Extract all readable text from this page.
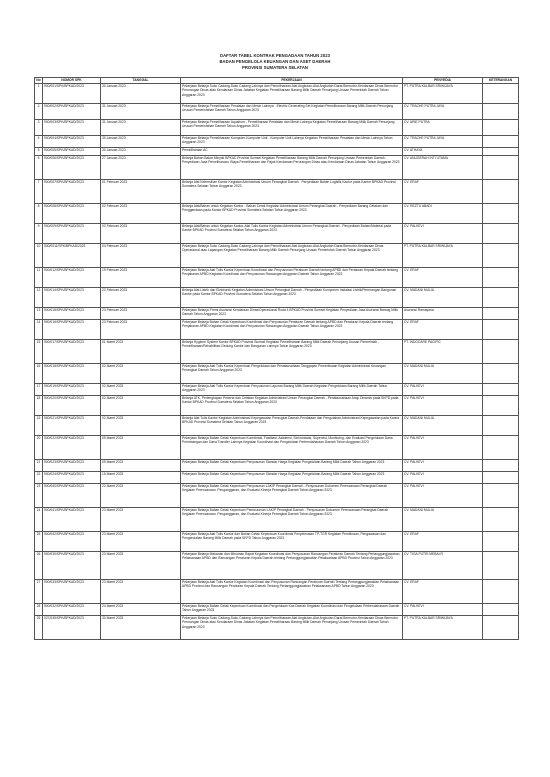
DAFTAR TABEL KONTRAK PENGADAAN TAHUN 2023
BADAN PENGELOLA KEUANGAN DAN ASET DAERAH
PROVINSI SUMATERA SELATAN
No	NOMOR SPK	TANGGAL	PEKERJAAN	PENYEDIA	KETERANGAN
1	900/001/SPK/BPKAD/2023	30 Januari 2023	Pekerjaan Belanja Suku Cadang-Suku Cadang Lainnya dan Pemeliharaan Alat Angkutan-Alat Angkutan Darat Bermotor-Kendaraan Dinas Bermotor Perorangan Dinas atau Kendaraan Dinas Jabatan Kegiatan Pemeliharaan Barang Milik Daerah Penunjang Urusan Pemerintah Daerah Tahun Anggaran 2023	PT. PUTRA KALBAR SRIWIJAYA	
2	900/002/SPK/BPKAD/2023	31 Januari 2023	Pekerjaan Belanja Pemeliharaan Peralatan dan Mesin Lainnya - Electric Generating Set Kegiatan Pemeliharaan Barang Milik Daerah Penunjang Urusan Pemerintahan Daerah Tahun Anggaran 2023	CV. TRACHE PUTRA JAYA	
3	900/003/SPK/BPKAD/2023	31 Januari 2023	Pekerjaan Belanja Pemeliharaan Aquarium - Pemeliharaan Peralatan dan Mesin Lainnya Kegiatan Pemeliharaan Barang Milik Daerah Penunjang Urusan Pemerintahan Daerah Tahun Anggaran 2023	CV. ARIE PUTRA	
4	900/004/SPK/BPKAD/2023	30 Januari 2023	Pekerjaan Belanja Pemeliharaan Komputer-Komputer Unit - Komputer Unit Lainnya Kegiatan Pemeliharaan Peralatan dan Mesin Lainnya Tahun Anggaran 2023	CV. TRACHE PUTRA JAYA	
5	900/005/SPK/BPKAD/2023	30 Januari 2023	Pemeliharaan AC	CV. ATHAYA	
6	900/006/SPK/BPKAD/2023	27 Januari 2023	Belanja Bahan Bakar Minyak BPKAD Provinsi Sumsel Kegiatan Pemeliharaan Barang Milik Daerah Penunjang Urusan Pemerintah Daerah - Penyediaan Jasa Pemeliharaan, Biaya Pemeliharaan dan Pajak Kendaraan Perorangan Dinas atau Kendaraan Dinas Jabatan Tahun Anggaran 2023	CV. ANUGERAH INTI UTAMA	
7	900/007/SPK/BPKAD/2023	01 Februari 2023	Belanja Alat Kebersihan Kantor Kegiatan Administrasi Umum Perangkat Daerah - Penyediaan Bahan Logistik Kantor pada Kantor BPKAD Provinsi Sumatera Selatan Tahun Anggaran 2023	CV. ERAF	
8	900/008/SPK/BPKAD/2023	02 Februari 2023	Belanja Alat/Bahan untuk Kegiatan Kantor - Bahan Cetak Kegiatan Administrasi Umum Perangkat Daerah - Penyediaan Barang Cetakan dan Penggandaan pada Kantor BPKAD Provinsi Sumatera Selatan Tahun Anggaran 2023	CV. REZTU ABADI	
9	900/009/SPK/BPKAD/2023	02 Februari 2023	Belanja Alat/Bahan untuk Kegiatan Kantor-Alat Tulis Kantor Kegiatan Administrasi Umum Perangkat Daerah - Penyediaan Bahan/Material pada Kantor BPKAD Provinsi Sumatera Selatan Tahun Anggaran 2023	CV. PALKEVI	
10	900/0011/SPK/BPKAD/2023	04 Februari 2023	Pekerjaan Belanja Suku Cadang-Suku Cadang Lainnya dan Pemeliharaan Alat Angkutan-Alat Angkutan Darat Bermotor-Kendaraan Dinas Operasional atau Lapangan Kegiatan Pemeliharaan Barang Milik Daerah Penunjang Urusan Pemerintah Daerah Tahun Anggaran 2023	PT. PUTRA KALBAR SRIWIJAYA	
11	900/012/SPK/BPKAD/2023	19 Februari 2023	Pekerjaan Belanja Alat Tulis Kantor Kepentuan Koordinasi dan Penyusunan Peraturan Daerah tentang APBD dan Peraturan Kepala Daerah tentang Penjabaran APBD Kegiatan Koordinasi dan Penyusunan Rancangan Anggaran Daerah Tahun Anggaran 2023	CV. ERAF	
12	900/014/SPK/BPKAD/2023	22 Februari 2023	Belanja Alat Listrik dan Elektronik Kegiatan Administrasi Umum Perangkat Daerah - Penyediaan Komponen Instalasi Listrik/Penerangan Bangunan Kantor pada Kantor BPKAD Provinsi Sumatera Selatan Tahun Anggaran 2023	CV. MADANI MULIA	
13	900/015/SPK/BPKAD/2023	23 Februari 2023	Pekerjaan Belanja Premi Asuransi Kendaraan Dinas/Operasional Roda 4 BPKAD Provinsi Sumsel Kegiatan Penyediaan Jasa Asuransi Barang Milik Daerah Tahun Anggaran 2023	Asuransi Ramayana	
14	900/016/SPK/BPKAD/2023	23 Februari 2023	Pekerjaan Belanja Bahan Cetak Kepentuan Koordinasi dan Penyusunan Peraturan Daerah tentang APBD dan Peraturan Kepala Daerah tentang Penjabaran APBD Kegiatan Koordinasi dan Penyusunan Rancangan Anggaran Daerah Tahun Anggaran 2023	CV. ERAF	
15	900/017/SPK/BPKAD/2023	01 Maret 2023	Belanja Hygiene System Kantor BPKAD Provinsi Sumsel Kegiatan Pemeliharaan Barang Milik Daerah Penunjang Urusan Pemerintah - Pemeliharaan/Rehabilitasi Gedung Kantor dan Bangunan Lainnya Tahun Anggaran 2023	PT. INDOCARE PACIFIC	
16	900/018/SPK/BPKAD/2023	02 Maret 2023	Pekerjaan Belanja Alat Tulis Kantor Kepentuan Pengelolaan dan Penatausahaan Tanggapan Pemeriksaan Kegiatan Administrasi Keuangan Perangkat Daerah Tahun Anggaran 2023	CV. MADANI MULIA	
17	900/019/SPK/BPKAD/2023	02 Maret 2023	Pekerjaan Belanja Alat Tulis Kantor Kepentuan Penyusunan Laporan Barang Milik Daerah Kegiatan Pengelolaan Barang Milik Daerah Tahun Anggaran 2023	CV. PALKEVI	
18	900/020/SPK/BPKAD/2023	02 Maret 2023	Belanja ATK, Perlengkapan Peserta dan Cetakan Kegiatan Administrasi Umum Perangkat Daerah - Penatausahaan Arsip Dinamis pada SKPD pada Kantor BPKAD Provinsi Sumatera Selatan Tahun Anggaran 2023	CV. PALKEVI	
19	900/021/SPK/BPKAD/2023	02 Maret 2023	Belanja Alat Tulis Kantor Kegiatan Administrasi Kepegawaian Perangkat Daerah-Pendataan dan Pengolahan Administrasi Kepegawaian pada Kantor BPKAD Provinsi Sumatera Selatan Tahun Anggaran 2023	CV. MADANI MULIA	
20	900/022/SPK/BPKAD/2023	09 Maret 2023	Pekerjaan Belanja Bahan Cetak Kepentuan Koordinasi, Fasilitasi, Asistensi, Sinkronisasi, Supervisi, Monitoring, dan Evaluasi Pengelolaan Dana Perimbangan dan Dana Transfer Lainnya Kegiatan Koordinasi dan Pengelolaan Perbendaharaan Daerah Tahun Anggaran 2023	CV. PALKEVI	
21	900/023/SPK/BPKAD/2023	09 Maret 2023	Pekerjaan Belanja Bahan Cetak Kepentuan Penyusunan Standar Harga Kegiatan Pengelolaan Barang Milik Daerah Tahun Anggaran 2023	CV. PALKEVI	
22	900/024/SPK/BPKAD/2023	15 Maret 2023	Pekerjaan Belanja Bahan Cetak Kepentuan Penyusunan Standar Harga Kegiatan Pengelolaan Barang Milik Daerah Tahun Anggaran 2023	CV. PALKEVI	
23	900/040/SPK/BPKAD/2023	22 Maret 2023	Pekerjaan Belanja Bahan Cetak Kepentuan Penyusunan LAKIP Perangkat Daerah - Penyusunan Dokumen Perencanaan Perangkat Daerah Kegiatan Perencanaan, Penganggaran, dan Evaluasi Kinerja Perangkat Daerah Tahun Anggaran 2023	CV. PALKEVI	
24	900/041/SPK/BPKAD/2023	23 Maret 2023	Pekerjaan Belanja Bahan Cetak Kepentuan Pemicuuman LAKIP Perangkat Daerah - Penyusunan Dokumen Perencanaan Perangkat Daerah Kegiatan Perencanaan, Penganggaran, dan Evaluasi Kinerja Perangkat Daerah Tahun Anggaran 2023	CV. MADANI MULIA	
25	900/042/SPK/BPKAD/2023	23 Maret 2023	Pekerjaan Belanja Alat Tulis Kantor dan Bahan Cetak Kepentuan Koordinasi Penyelesaian TP-TGR Kegiatan Pembinaan, Pengawasan dan Pengendalian Barang Milik Daerah pada SKPD Tahun Anggaran 2023	CV. ERAF	
26	900/030/SPK/BPKAD/2023	23 Maret 2023	Pekerjaan Belanja Makanan dan Minuman Rapat Kegiatan Koordinasi dan Penyusunan Rancangan Peraturan Daerah Tentang Pertanggungjawaban Pelaksanaan APBD dan Rancangan Peraturan Kepala Daerah tentang Pertanggungjawaban Pelaksanaan APBD Provinsi Tahun Anggaran 2023	CV. TIGA PUTRI MEBALR	
27	900/033/SPK/BPKAD/2023	23 Maret 2023	Pekerjaan Belanja Alat Tulis Kantor Kegiatan Koordinasi dan Penyusunan Rancangan Peraturan Daerah Tentang Pertanggungjawaban Pelaksanaan APBD Provinsi dan Rancangan Peraturan Kepala Daerah Tentang Pertanggungjawaban Pelaksanaan APBD Tahun Anggaran 2023	CV. ERAF	
28	900/032/SPK/BPKAD/2023	24 Maret 2023	Pekerjaan Belanja Bahan Cetak Kepentuan Koordinasi dan Pengelolaan Kas Daerah Kegiatan Koordinasi dan Pengelolaan Perbendaharaan Daerah Tahun Anggaran 2023	CV. PALKEVI	
29	027/035/SPK/BPKAD/2023	30 Maret 2023	Pekerjaan Belanja Suku Cadang-Suku Cadang Lainnya dan Pemeliharaan Alat Angkutan-Alat Angkutan Darat Bermotor-Kendaraan Dinas Bermotor Perorangan Dinas atau Kendaraan Dinas Jabatan Kegiatan Pemeliharaan Barang Milik Daerah Penunjang Urusan Pemerintah Daerah Tahun Anggaran 2023	PT. PUTRA KALBAR SRIWIJAYA	
